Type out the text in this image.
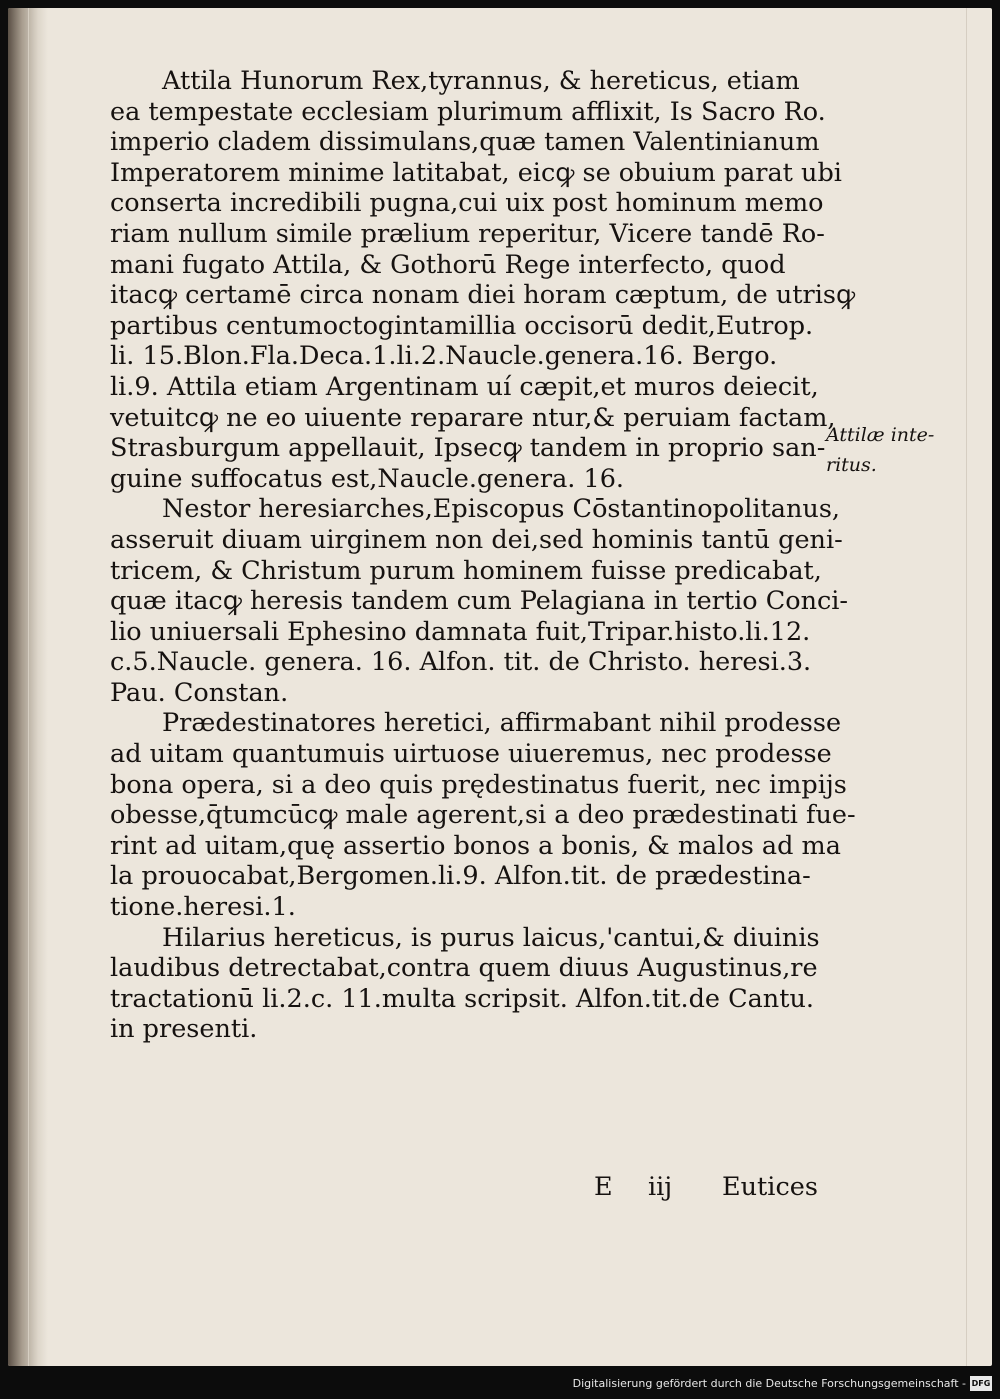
Attila Hunorum Rex,tyrannus, & hereticus, etiam
ea tempestate ecclesiam plurimum afflixit, Is Sacro Ro.
imperio cladem dissimulans,quæ tamen Valentinianum
Imperatorem minime latitabat, eicꝙ se obuium parat ubi
conserta incredibili pugna,cui uix post hominum memo
riam nullum simile prælium reperitur, Vicere tandē Ro-
mani fugato Attila, & Gothorū Rege interfecto, quod
itacꝙ certamē circa nonam diei horam cæptum, de utrisꝙ
partibus centumoctogintamillia occisorū dedit,Eutrop.
li. 15.Blon.Fla.Deca.1.li.2.Naucle.genera.16. Bergo.
li.9. Attila etiam Argentinam uí cæpit,et muros deiecit,
vetuitcꝙ ne eo uiuente reparare ntur,& peruiam factam,
Strasburgum appellauit, Ipsecꝙ tandem in proprio san-
guine suffocatus est,Naucle.genera. 16.
Nestor heresiarches,Episcopus Cōstantinopolitanus,
asseruit diuam uirginem non dei,sed hominis tantū geni-
tricem, & Christum purum hominem fuisse predicabat,
quæ itacꝙ heresis tandem cum Pelagiana in tertio Conci-
lio uniuersali Ephesino damnata fuit,Tripar.histo.li.12.
c.5.Naucle. genera. 16. Alfon. tit. de Christo. heresi.3.
Pau. Constan.
Prædestinatores heretici, affirmabant nihil prodesse
ad uitam quantumuis uirtuose uiueremus, nec prodesse
bona opera, si a deo quis prędestinatus fuerit, nec impijs
obesse,q̄tumcūcꝙ male agerent,si a deo prædestinati fue-
rint ad uitam,quę assertio bonos a bonis, & malos ad ma
la prouocabat,Bergomen.li.9. Alfon.tit. de prædestina-
tione.heresi.1.
Hilarius hereticus, is purus laicus,'cantui,& diuinis
laudibus detrectabat,contra quem diuus Augustinus,re
tractationū li.2.c. 11.multa scripsit. Alfon.tit.de Cantu.
in presenti.
Attilæ inte-
ritus.
E iij Eutices
Digitalisierung gefördert durch die Deutsche Forschungsgemeinschaft - DFG
